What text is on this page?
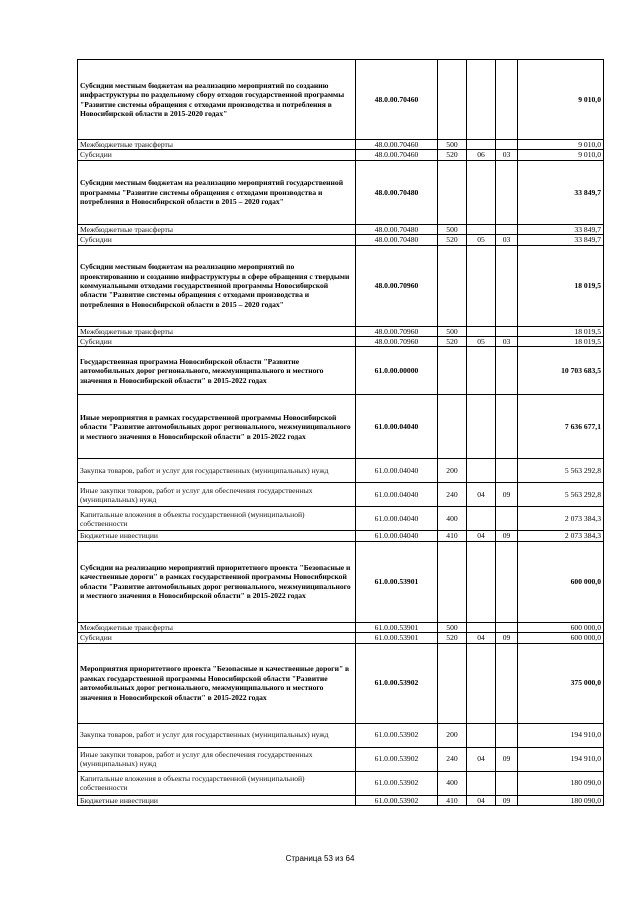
Субсидии местным бюджетам на реализацию мероприятий по созданию инфраструктуры по раздельному сбору отходов государственной программы "Развитие системы обращения с отходами производства и потребления в Новосибирской области в 2015-2020 годах"	48.0.00.70460				9 010,0
Межбюджетные трансферты	48.0.00.70460	500			9 010,0
Субсидии	48.0.00.70460	520	06	03	9 010,0
Субсидии местным бюджетам на реализацию мероприятий государственной программы "Развитие системы обращения с отходами производства и потребления в Новосибирской области в 2015 – 2020 годах"	48.0.00.70480				33 849,7
Межбюджетные трансферты	48.0.00.70480	500			33 849,7
Субсидии	48.0.00.70480	520	05	03	33 849,7
Субсидии местным бюджетам на реализацию мероприятий по проектированию и созданию инфраструктуры в сфере обращения с твердыми коммунальными отходами государственной программы Новосибирской области "Развитие системы обращения с отходами производства и потребления в Новосибирской области в 2015 – 2020 годах"	48.0.00.70960				18 019,5
Межбюджетные трансферты	48.0.00.70960	500			18 019,5
Субсидии	48.0.00.70960	520	05	03	18 019,5
Государственная программа Новосибирской области "Развитие автомобильных дорог регионального, межмуниципального и местного значения в Новосибирской области" в 2015-2022 годах	61.0.00.00000				10 703 683,5
Иные мероприятия в рамках государственной программы Новосибирской области "Развитие автомобильных дорог регионального, межмуниципального и местного значения в Новосибирской области" в 2015-2022 годах	61.0.00.04040				7 636 677,1
Закупка товаров, работ и услуг для государственных (муниципальных) нужд	61.0.00.04040	200			5 563 292,8
Иные закупки товаров, работ и услуг для обеспечения государственных (муниципальных) нужд	61.0.00.04040	240	04	09	5 563 292,8
Капитальные вложения в объекты государственной (муниципальной) собственности	61.0.00.04040	400			2 073 384,3
Бюджетные инвестиции	61.0.00.04040	410	04	09	2 073 384,3
Субсидии на реализацию мероприятий приоритетного проекта "Безопасные и качественные дороги" в рамках государственной программы Новосибирской области "Развитие автомобильных дорог регионального, межмуниципального и местного значения в Новосибирской области" в 2015-2022 годах	61.0.00.53901				600 000,0
Межбюджетные трансферты	61.0.00.53901	500			600 000,0
Субсидии	61.0.00.53901	520	04	09	600 000,0
Мероприятия приоритетного проекта "Безопасные и качественные дороги" в рамках государственной программы Новосибирской области "Развитие автомобильных дорог регионального, межмуниципального и местного значения в Новосибирской области" в 2015-2022 годах	61.0.00.53902				375 000,0
Закупка товаров, работ и услуг для государственных (муниципальных) нужд	61.0.00.53902	200			194 910,0
Иные закупки товаров, работ и услуг для обеспечения государственных (муниципальных) нужд	61.0.00.53902	240	04	09	194 910,0
Капитальные вложения в объекты государственной (муниципальной) собственности	61.0.00.53902	400			180 090,0
Бюджетные инвестиции	61.0.00.53902	410	04	09	180 090,0
Страница 53 из 64
